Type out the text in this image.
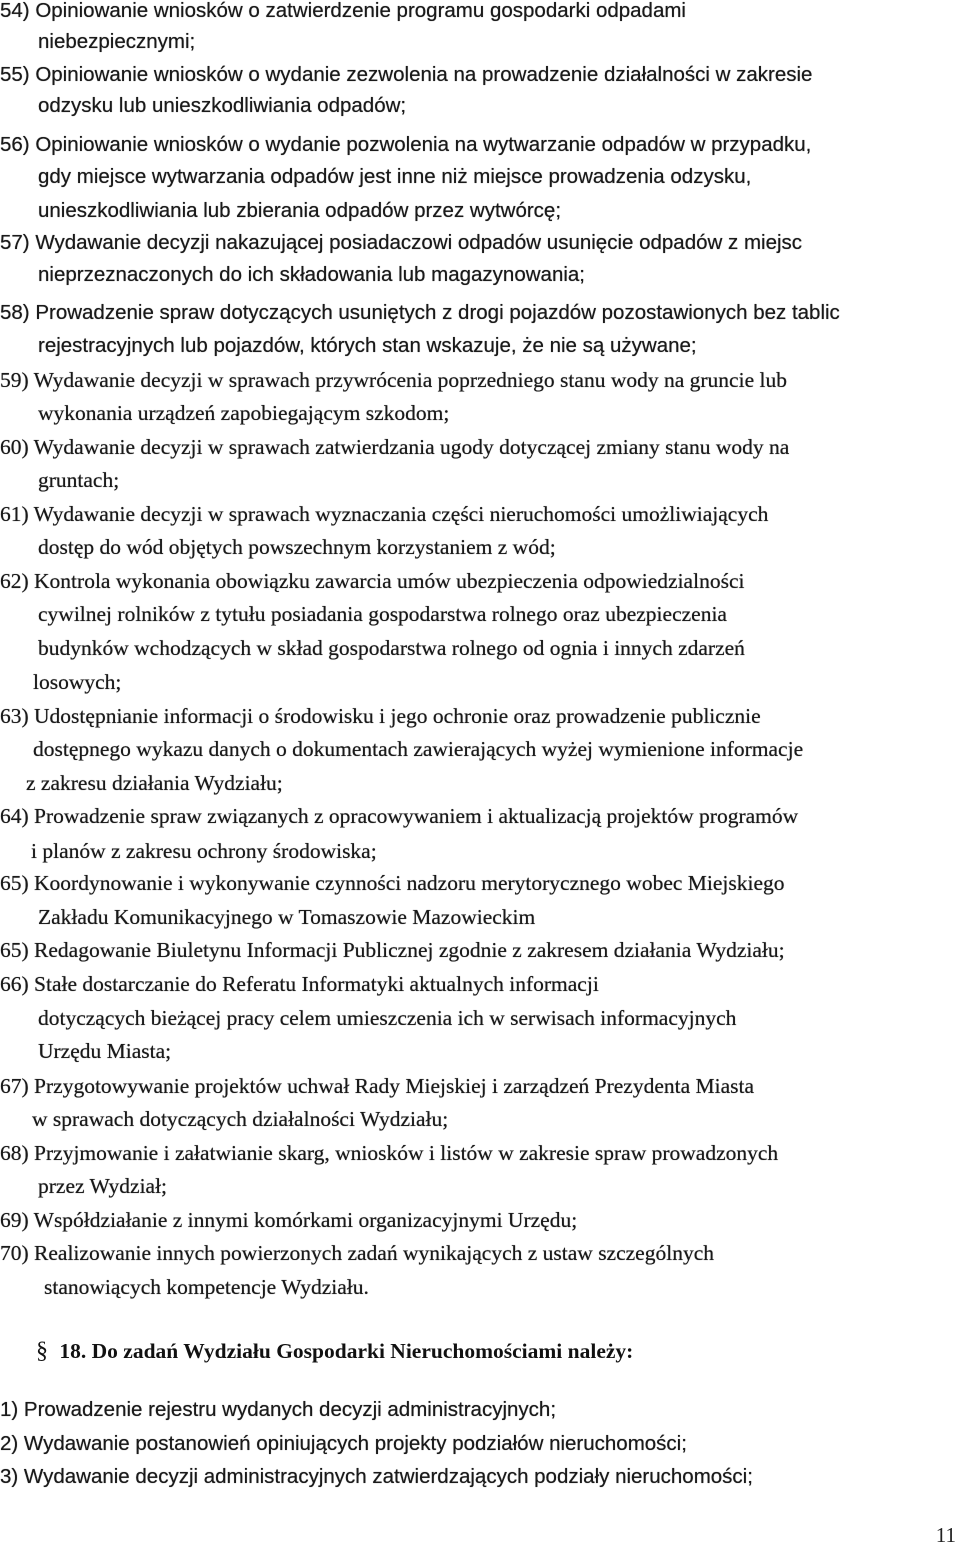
54) Opiniowanie wniosków o zatwierdzenie programu gospodarki odpadami
niebezpiecznymi;
55) Opiniowanie wniosków o wydanie zezwolenia na prowadzenie działalności w zakresie
odzysku lub unieszkodliwiania odpadów;
56) Opiniowanie wniosków o wydanie pozwolenia na wytwarzanie odpadów w przypadku,
gdy miejsce wytwarzania odpadów jest inne niż miejsce prowadzenia odzysku,
unieszkodliwiania lub zbierania odpadów przez wytwórcę;
57) Wydawanie decyzji nakazującej posiadaczowi odpadów usunięcie odpadów z miejsc
nieprzeznaczonych do ich składowania lub magazynowania;
58) Prowadzenie spraw dotyczących usuniętych z drogi pojazdów pozostawionych bez tablic
rejestracyjnych lub pojazdów, których stan wskazuje, że nie są używane;
59) Wydawanie decyzji w sprawach przywrócenia poprzedniego stanu wody na gruncie lub
wykonania urządzeń zapobiegającym szkodom;
60) Wydawanie decyzji w sprawach zatwierdzania ugody dotyczącej zmiany stanu wody na
gruntach;
61) Wydawanie decyzji w sprawach wyznaczania części nieruchomości umożliwiających
dostęp do wód objętych powszechnym korzystaniem z wód;
62) Kontrola wykonania obowiązku zawarcia umów ubezpieczenia odpowiedzialności
cywilnej rolników z tytułu posiadania gospodarstwa rolnego oraz ubezpieczenia
budynków wchodzących w skład gospodarstwa rolnego od ognia i innych zdarzeń
losowych;
63) Udostępnianie informacji o środowisku i jego ochronie oraz prowadzenie publicznie
dostępnego wykazu danych o dokumentach zawierających wyżej wymienione informacje
z zakresu działania Wydziału;
64) Prowadzenie spraw związanych z opracowywaniem i aktualizacją projektów programów
i planów z zakresu ochrony środowiska;
65) Koordynowanie i wykonywanie czynności nadzoru merytorycznego wobec Miejskiego
Zakładu Komunikacyjnego w Tomaszowie Mazowieckim
65) Redagowanie Biuletynu Informacji Publicznej zgodnie z zakresem działania Wydziału;
66) Stałe dostarczanie do Referatu Informatyki aktualnych informacji
dotyczących bieżącej pracy celem umieszczenia ich w serwisach informacyjnych
Urzędu Miasta;
67) Przygotowywanie projektów uchwał Rady Miejskiej i zarządzeń Prezydenta Miasta
w sprawach dotyczących działalności Wydziału;
68) Przyjmowanie i załatwianie skarg, wniosków i listów w zakresie spraw prowadzonych
przez Wydział;
69) Współdziałanie z innymi komórkami organizacyjnymi Urzędu;
70) Realizowanie innych powierzonych zadań wynikających z ustaw szczególnych
stanowiących kompetencje Wydziału.
§ 18. Do zadań Wydziału Gospodarki Nieruchomościami należy:
1) Prowadzenie rejestru wydanych decyzji administracyjnych;
2) Wydawanie postanowień opiniujących projekty podziałów nieruchomości;
3) Wydawanie decyzji administracyjnych zatwierdzających podziały nieruchomości;
11
